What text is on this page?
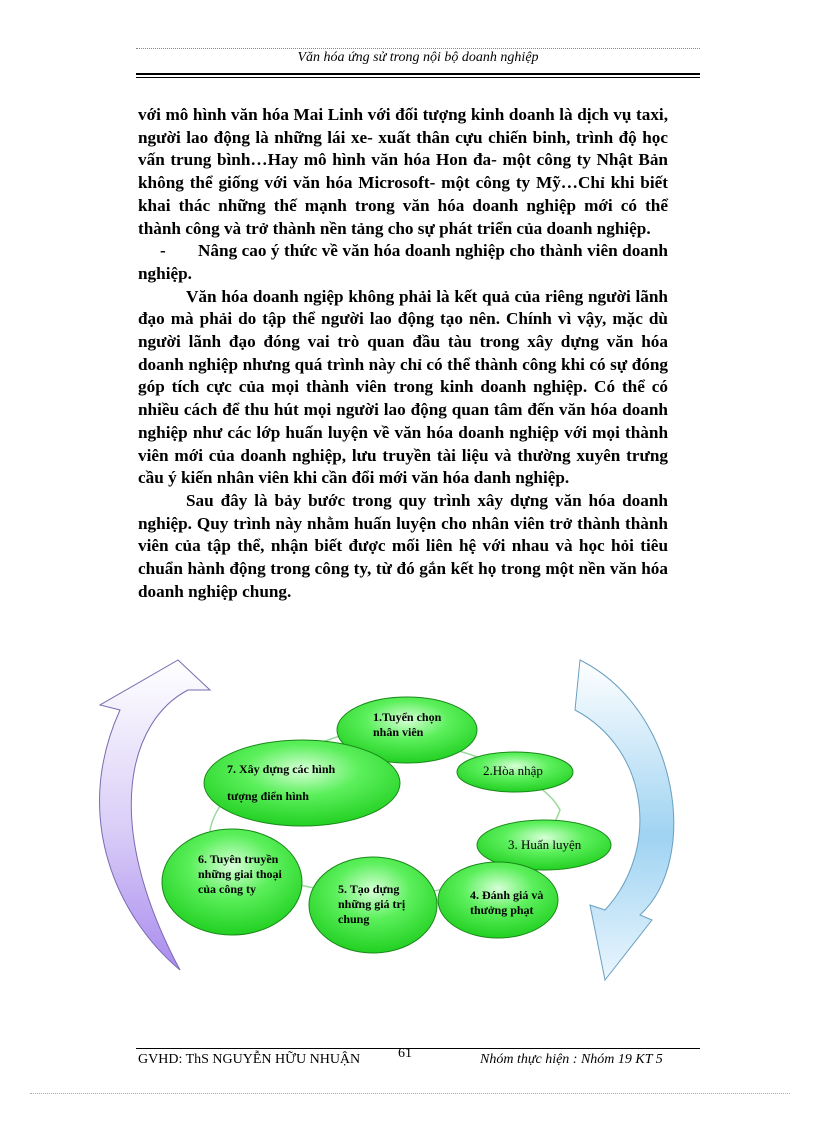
Văn hóa ứng sử trong nội bộ doanh nghiệp

với mô hình văn hóa Mai Linh với đối tượng kinh doanh là dịch vụ taxi, người lao động là những lái xe- xuất thân cựu chiến binh, trình độ học vấn trung bình…Hay mô hình văn hóa Hon đa- một công ty Nhật Bản không thể giống với văn hóa Microsoft- một công ty Mỹ…Chỉ khi biết khai thác những thế mạnh trong văn hóa doanh nghiệp mới có thể thành công và trở thành nền tảng cho sự phát triển của doanh nghiệp.

- Nâng cao ý thức về văn hóa doanh nghiệp cho thành viên doanh nghiệp.

Văn hóa doanh ngiệp không phải là kết quả của riêng người lãnh đạo mà phải do tập thể người lao động tạo nên. Chính vì vậy, mặc dù người lãnh đạo đóng vai trò quan đầu tàu trong xây dựng văn hóa doanh nghiệp nhưng quá trình này chỉ có thể thành công khi có sự đóng góp tích cực của mọi thành viên trong kinh doanh nghiệp. Có thể có nhiều cách để thu hút mọi người lao động quan tâm đến văn hóa doanh nghiệp như các lớp huấn luyện về văn hóa doanh nghiệp với mọi thành viên mới của doanh nghiệp, lưu truyền tài liệu và thường xuyên trưng cầu ý kiến nhân viên khi cần đổi mới văn hóa danh nghiệp.

Sau đây là bảy bước trong quy trình xây dựng văn hóa doanh nghiệp. Quy trình này nhằm huấn luyện cho nhân viên trở thành thành viên của tập thể, nhận biết được mối liên hệ với nhau và học hỏi tiêu chuẩn hành động trong công ty, từ đó gắn kết họ trong một nền văn hóa doanh nghiệp chung.

1.Tuyển chọn
nhân viên
2.Hòa nhập
7. Xây dựng các hình
tượng điển hình
3. Huấn luyện
6. Tuyên truyền
những giai thoại
của công ty	4. Đánh giá và
thưởng phạt
5. Tạo dựng
những giá trị
chung
GVHD: ThS NGUYỄN HỮU NHUẬN	61	Nhóm thực hiện : Nhóm 19 KT 5
